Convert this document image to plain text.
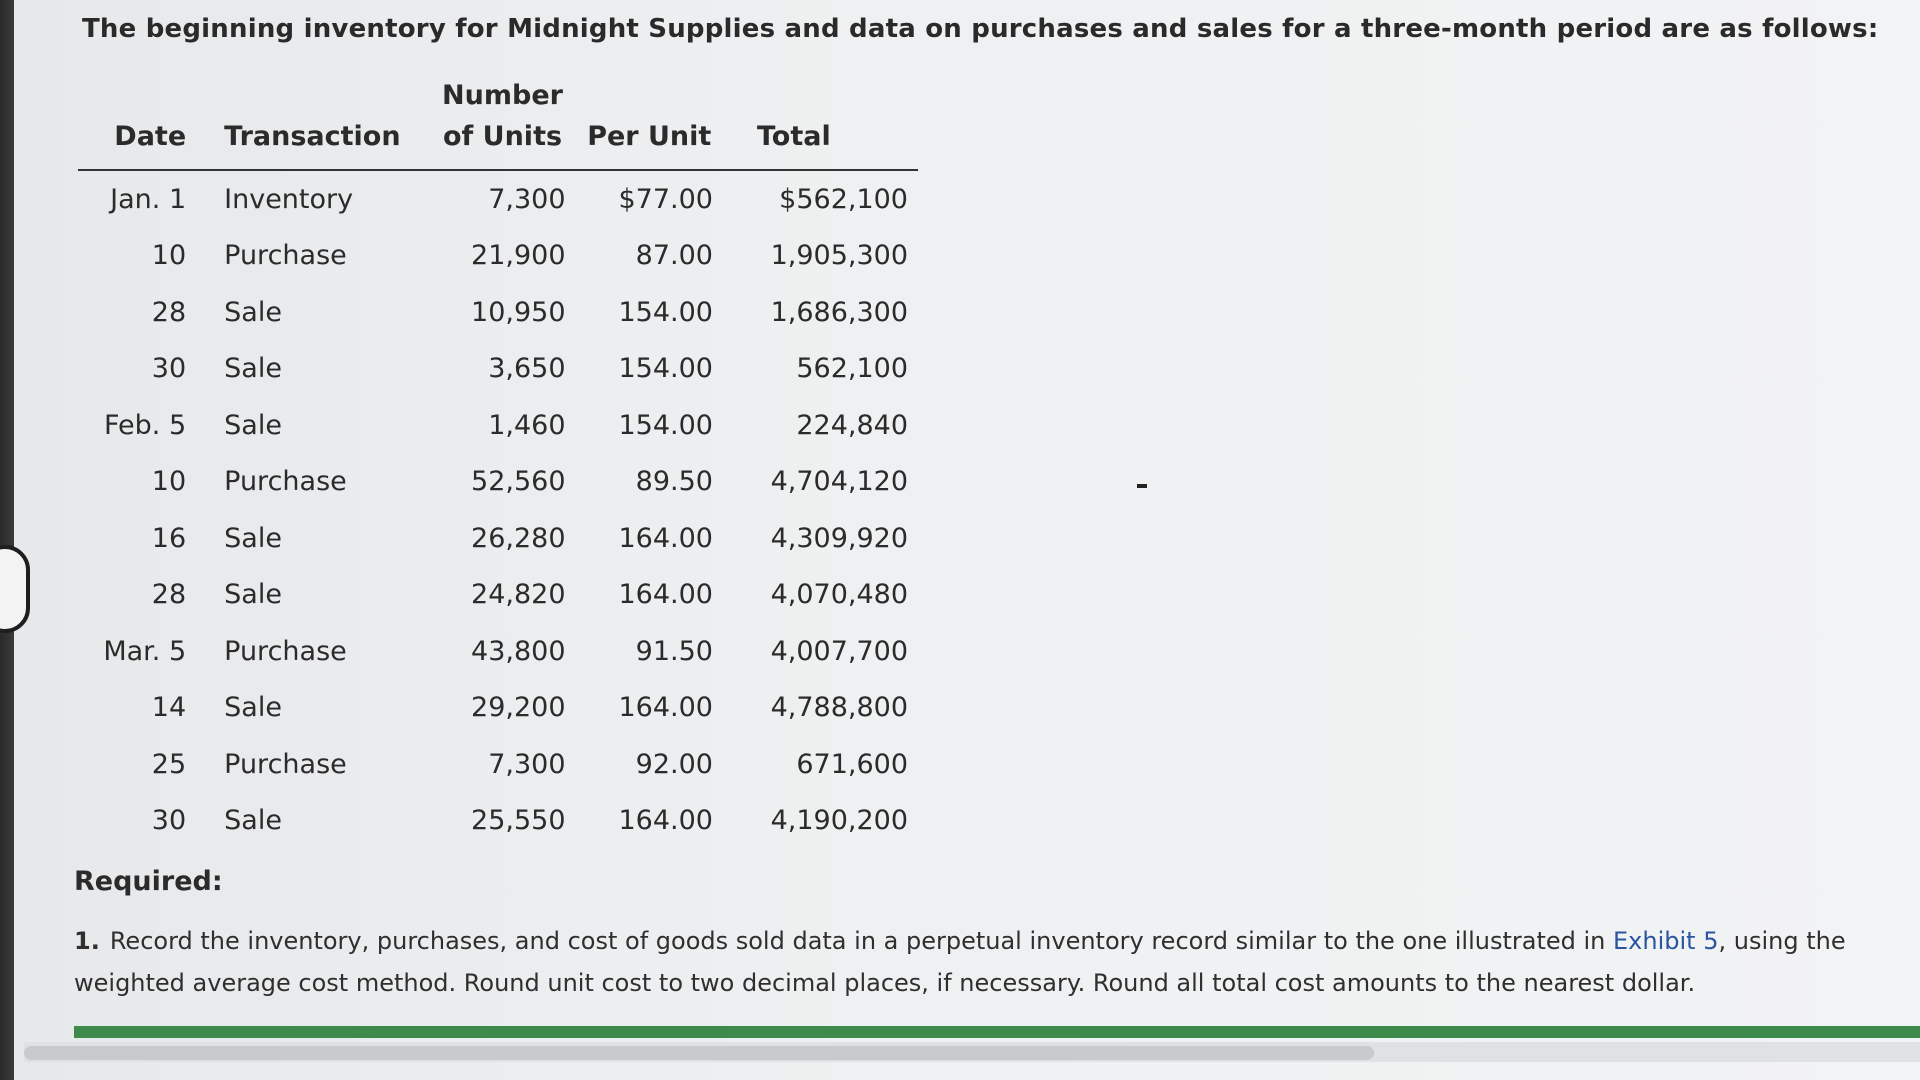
The beginning inventory for Midnight Supplies and data on purchases and sales for a three-month period are as follows:
Date	Transaction	Number
of Units	Per Unit	Total
Jan. 1	Inventory	7,300	$77.00	$562,100
10	Purchase	21,900	87.00	1,905,300
28	Sale	10,950	154.00	1,686,300
30	Sale	3,650	154.00	562,100
Feb. 5	Sale	1,460	154.00	224,840
10	Purchase	52,560	89.50	4,704,120
16	Sale	26,280	164.00	4,309,920
28	Sale	24,820	164.00	4,070,480
Mar. 5	Purchase	43,800	91.50	4,007,700
14	Sale	29,200	164.00	4,788,800
25	Purchase	7,300	92.00	671,600
30	Sale	25,550	164.00	4,190,200
Required:
1. Record the inventory, purchases, and cost of goods sold data in a perpetual inventory record similar to the one illustrated in Exhibit 5, using the weighted average cost method. Round unit cost to two decimal places, if necessary. Round all total cost amounts to the nearest dollar.
